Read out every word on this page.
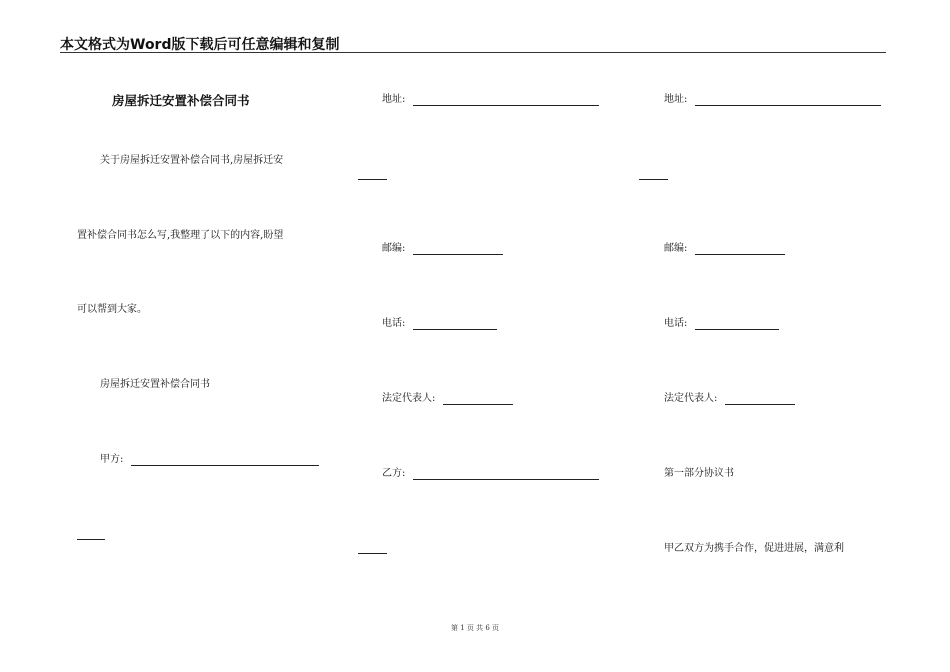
本文格式为Word版下载后可任意编辑和复制
房屋拆迁安置补偿合同书
关于房屋拆迁安置补偿合同书,房屋拆迁安
置补偿合同书怎么写,我整理了以下的内容,盼望
可以帮到大家。
房屋拆迁安置补偿合同书
甲方:
地址:
邮编:
电话:
法定代表人:
乙方:
地址:
邮编:
电话:
法定代表人:
第一部分协议书
甲乙双方为携手合作，促进进展，满意利
第 1 页 共 6 页
